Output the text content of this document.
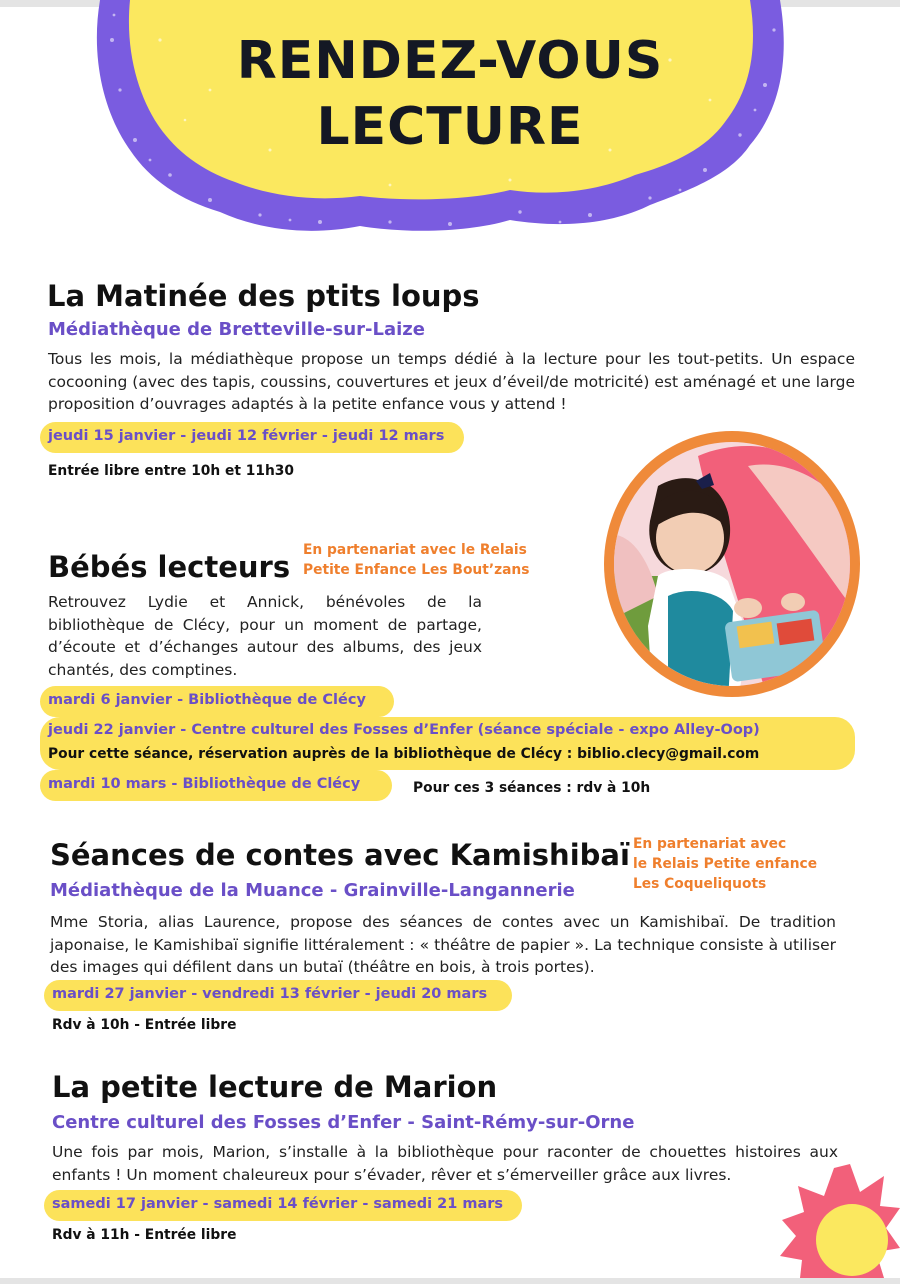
RENDEZ-VOUS
LECTURE
La Matinée des ptits loups
Médiathèque de Bretteville-sur-Laize
Tous les mois, la médiathèque propose un temps dédié à la lecture pour les tout-petits. Un espace cocooning (avec des tapis, coussins, couvertures et jeux d’éveil/de motricité) est aménagé et une large proposition d’ouvrages adaptés à la petite enfance vous y attend !
jeudi 15 janvier - jeudi 12 février - jeudi 12 mars
Entrée libre entre 10h et 11h30
Bébés lecteurs En partenariat avec le Relais
Petite Enfance Les Bout’zans
Retrouvez Lydie et Annick, bénévoles de la bibliothèque de Clécy, pour un moment de partage, d’écoute et d’échanges autour des albums, des jeux chantés, des comptines.
mardi 6 janvier - Bibliothèque de Clécy
jeudi 22 janvier - Centre culturel des Fosses d’Enfer (séance spéciale - expo Alley-Oop)
Pour cette séance, réservation auprès de la bibliothèque de Clécy : biblio.clecy@gmail.com
mardi 10 mars - Bibliothèque de Clécy	Pour ces 3 séances : rdv à 10h
Séances de contes avec Kamishibaï En partenariat avec
le Relais Petite enfance
Les Coqueliquots
Médiathèque de la Muance - Grainville-Langannerie
Mme Storia, alias Laurence, propose des séances de contes avec un Kamishibaï. De tradition japonaise, le Kamishibaï signifie littéralement : « théâtre de papier ». La technique consiste à utiliser des images qui défilent dans un butaï (théâtre en bois, à trois portes).
mardi 27 janvier - vendredi 13 février - jeudi 20 mars
Rdv à 10h - Entrée libre
La petite lecture de Marion
Centre culturel des Fosses d’Enfer - Saint-Rémy-sur-Orne
Une fois par mois, Marion, s’installe à la bibliothèque pour raconter de chouettes histoires aux enfants ! Un moment chaleureux pour s’évader, rêver et s’émerveiller grâce aux livres.
samedi 17 janvier - samedi 14 février - samedi 21 mars
Rdv à 11h - Entrée libre
